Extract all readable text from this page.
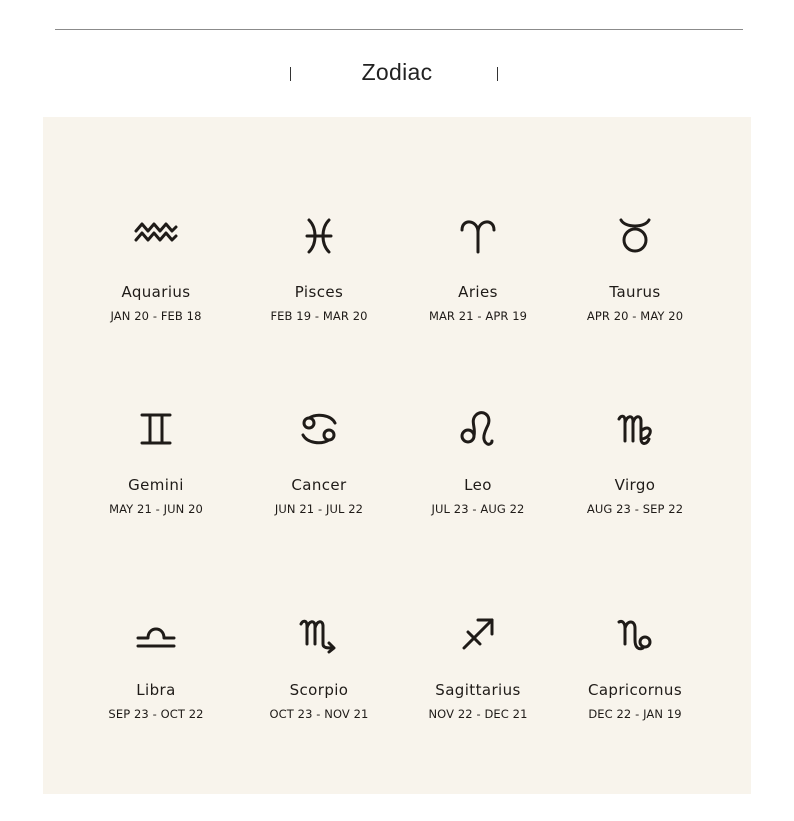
Zodiac
Aquarius
JAN 20 - FEB 18
Pisces
FEB 19 - MAR 20
Aries
MAR 21 - APR 19
Taurus
APR 20 - MAY 20
Gemini
MAY 21 - JUN 20
Cancer
JUN 21 - JUL 22
Leo
JUL 23 - AUG 22
Virgo
AUG 23 - SEP 22
Libra
SEP 23 - OCT 22
Scorpio
OCT 23 - NOV 21
Sagittarius
NOV 22 - DEC 21
Capricornus
DEC 22 - JAN 19
